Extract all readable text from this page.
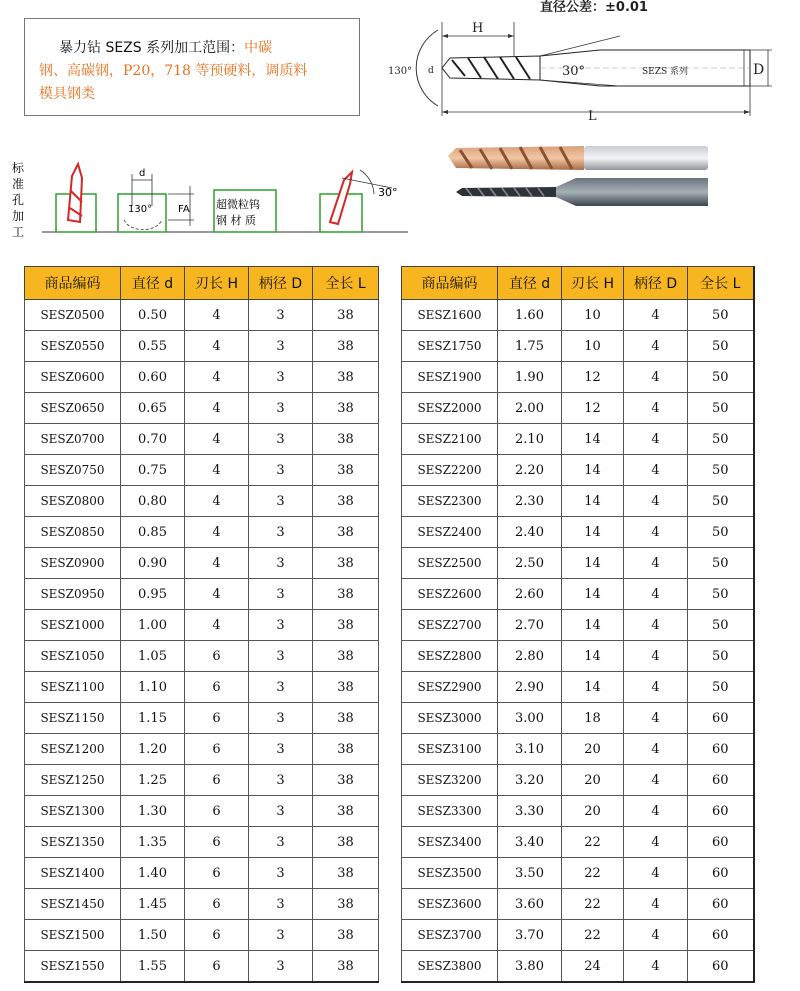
直径公差：±0.01
暴力钻 SEZS 系列加工范围：中碳
钢、高碳钢，P20，718 等预硬料，调质料
模具钢类
130°	30°	SEZS 系列
d
H
D
L
标
准
孔
加
工
d
130°	FA 超微粒钨
钢 材 质
30°
商品编码	直径 d	刃长 H	柄径 D	全长 L
SESZ0500	0.50	4	3	38
SESZ0550	0.55	4	3	38
SESZ0600	0.60	4	3	38
SESZ0650	0.65	4	3	38
SESZ0700	0.70	4	3	38
SESZ0750	0.75	4	3	38
SESZ0800	0.80	4	3	38
SESZ0850	0.85	4	3	38
SESZ0900	0.90	4	3	38
SESZ0950	0.95	4	3	38
SESZ1000	1.00	4	3	38
SESZ1050	1.05	6	3	38
SESZ1100	1.10	6	3	38
SESZ1150	1.15	6	3	38
SESZ1200	1.20	6	3	38
SESZ1250	1.25	6	3	38
SESZ1300	1.30	6	3	38
SESZ1350	1.35	6	3	38
SESZ1400	1.40	6	3	38
SESZ1450	1.45	6	3	38
SESZ1500	1.50	6	3	38
SESZ1550	1.55	6	3	38
商品编码	直径 d	刃长 H	柄径 D	全长 L
SESZ1600	1.60	10	4	50
SESZ1750	1.75	10	4	50
SESZ1900	1.90	12	4	50
SESZ2000	2.00	12	4	50
SESZ2100	2.10	14	4	50
SESZ2200	2.20	14	4	50
SESZ2300	2.30	14	4	50
SESZ2400	2.40	14	4	50
SESZ2500	2.50	14	4	50
SESZ2600	2.60	14	4	50
SESZ2700	2.70	14	4	50
SESZ2800	2.80	14	4	50
SESZ2900	2.90	14	4	50
SESZ3000	3.00	18	4	60
SESZ3100	3.10	20	4	60
SESZ3200	3.20	20	4	60
SESZ3300	3.30	20	4	60
SESZ3400	3.40	22	4	60
SESZ3500	3.50	22	4	60
SESZ3600	3.60	22	4	60
SESZ3700	3.70	22	4	60
SESZ3800	3.80	24	4	60
